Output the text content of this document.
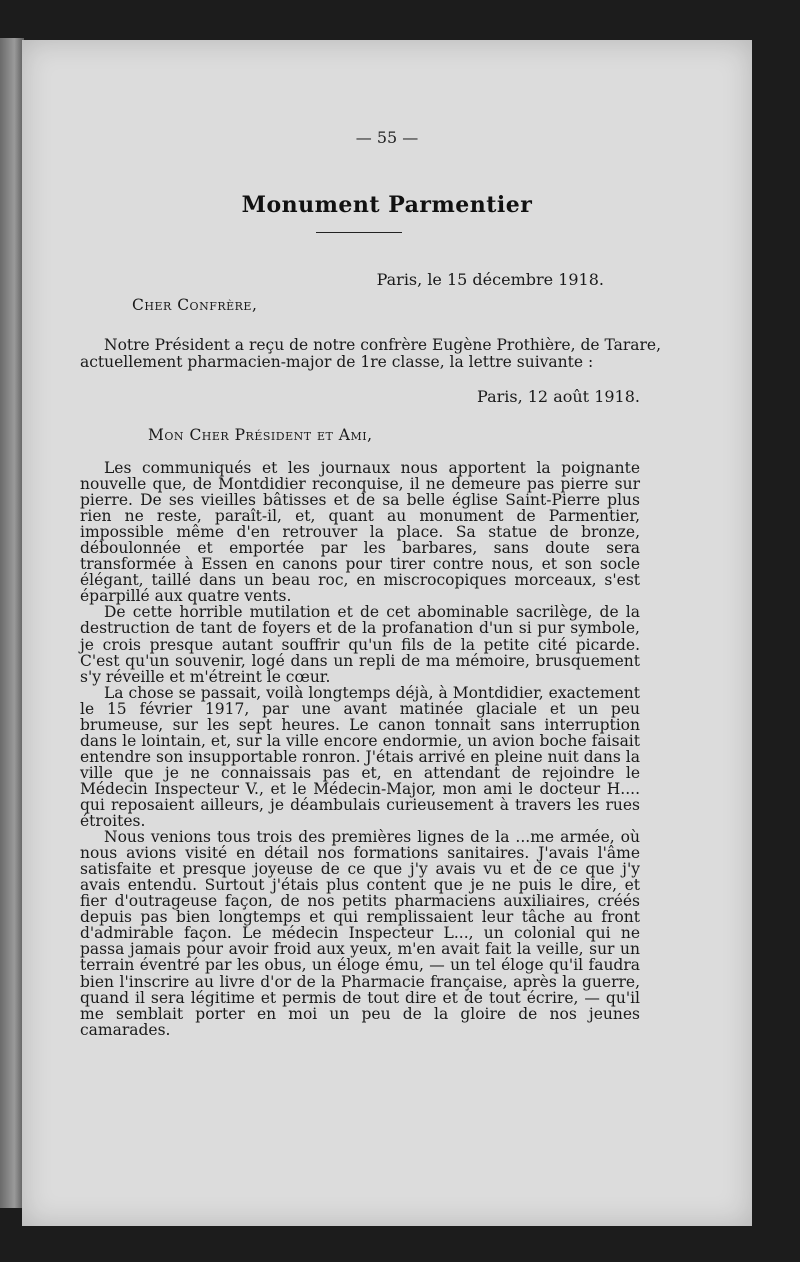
— 55 —
Monument Parmentier
Paris, le 15 décembre 1918.
Cher Confrère,
Notre Président a reçu de notre confrère Eugène Prothière, de Tarare,
actuellement pharmacien-major de 1re classe, la lettre suivante :
Paris, 12 août 1918.
Mon Cher Président et Ami,

Les communiqués et les journaux nous apportent la poignante nouvelle que, de Montdidier reconquise, il ne demeure pas pierre sur pierre. De ses vieilles bâtisses et de sa belle église Saint-Pierre plus rien ne reste, paraît-il, et, quant au monument de Parmentier, impossible même d'en retrouver la place. Sa statue de bronze, déboulonnée et emportée par les barbares, sans doute sera transformée à Essen en canons pour tirer contre nous, et son socle élégant, taillé dans un beau roc, en miscrocopiques morceaux, s'est éparpillé aux quatre vents.

De cette horrible mutilation et de cet abominable sacrilège, de la destruction de tant de foyers et de la profanation d'un si pur symbole, je crois presque autant souffrir qu'un fils de la petite cité picarde. C'est qu'un souvenir, logé dans un repli de ma mémoire, brusquement s'y réveille et m'étreint le cœur.

La chose se passait, voilà longtemps déjà, à Montdidier, exactement le 15 février 1917, par une avant matinée glaciale et un peu brumeuse, sur les sept heures. Le canon tonnait sans interruption dans le lointain, et, sur la ville encore endormie, un avion boche faisait entendre son insupportable ronron. J'étais arrivé en pleine nuit dans la ville que je ne connaissais pas et, en attendant de rejoindre le Médecin Inspecteur V., et le Médecin-Major, mon ami le docteur H.... qui reposaient ailleurs, je déambulais curieusement à travers les rues étroites.

Nous venions tous trois des premières lignes de la ...me armée, où nous avions visité en détail nos formations sanitaires. J'avais l'âme satisfaite et presque joyeuse de ce que j'y avais vu et de ce que j'y avais entendu. Surtout j'étais plus content que je ne puis le dire, et fier d'outrageuse façon, de nos petits pharmaciens auxiliaires, créés depuis pas bien longtemps et qui remplissaient leur tâche au front d'admirable façon. Le médecin Inspecteur L..., un colonial qui ne passa jamais pour avoir froid aux yeux, m'en avait fait la veille, sur un terrain éventré par les obus, un éloge ému, — un tel éloge qu'il faudra bien l'inscrire au livre d'or de la Pharmacie française, après la guerre, quand il sera légitime et permis de tout dire et de tout écrire, — qu'il me semblait porter en moi un peu de la gloire de nos jeunes camarades.
